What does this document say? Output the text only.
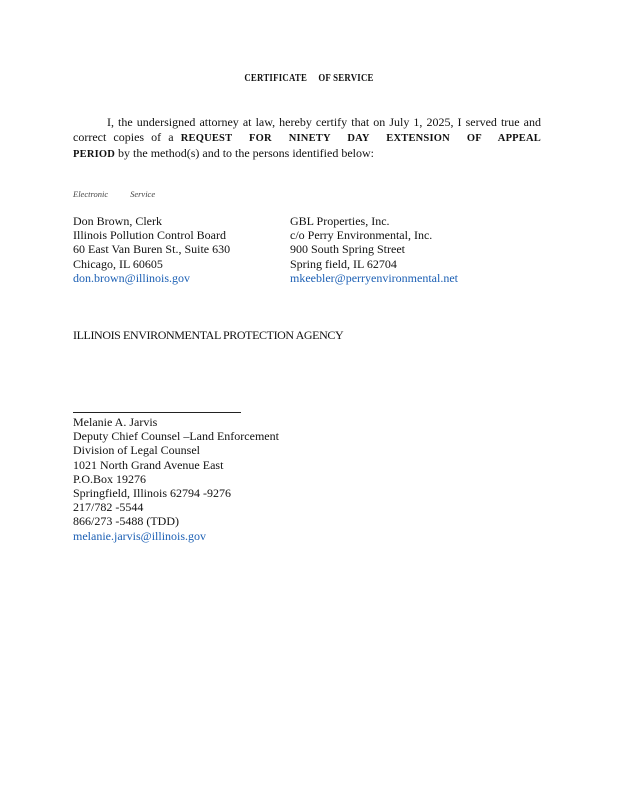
CERTIFICATE OF SERVICE
I, the undersigned attorney at law, hereby certify that on July 1, 2025, I served true and correct copies of a REQUEST FOR NINETY DAY EXTENSION OF APPEAL PERIOD by the method(s) and to the persons identified below:
Electronic	Service
Don Brown, Clerk
Illinois Pollution Control Board
60 East Van Buren St., Suite 630
Chicago, IL 60605
don.brown@illinois.gov
GBL Properties, Inc.
c/o Perry Environmental, Inc.
900 South Spring Street
Spring field, IL 62704
mkeebler@perryenvironmental.net
ILLINOIS ENVIRONMENTAL PROTECTION AGENCY
Melanie A. Jarvis
Deputy Chief Counsel –Land Enforcement
Division of Legal Counsel
1021 North Grand Avenue East
P.O.Box 19276
Springfield, Illinois 62794 -9276
217/782 -5544
866/273 -5488 (TDD)
melanie.jarvis@illinois.gov
